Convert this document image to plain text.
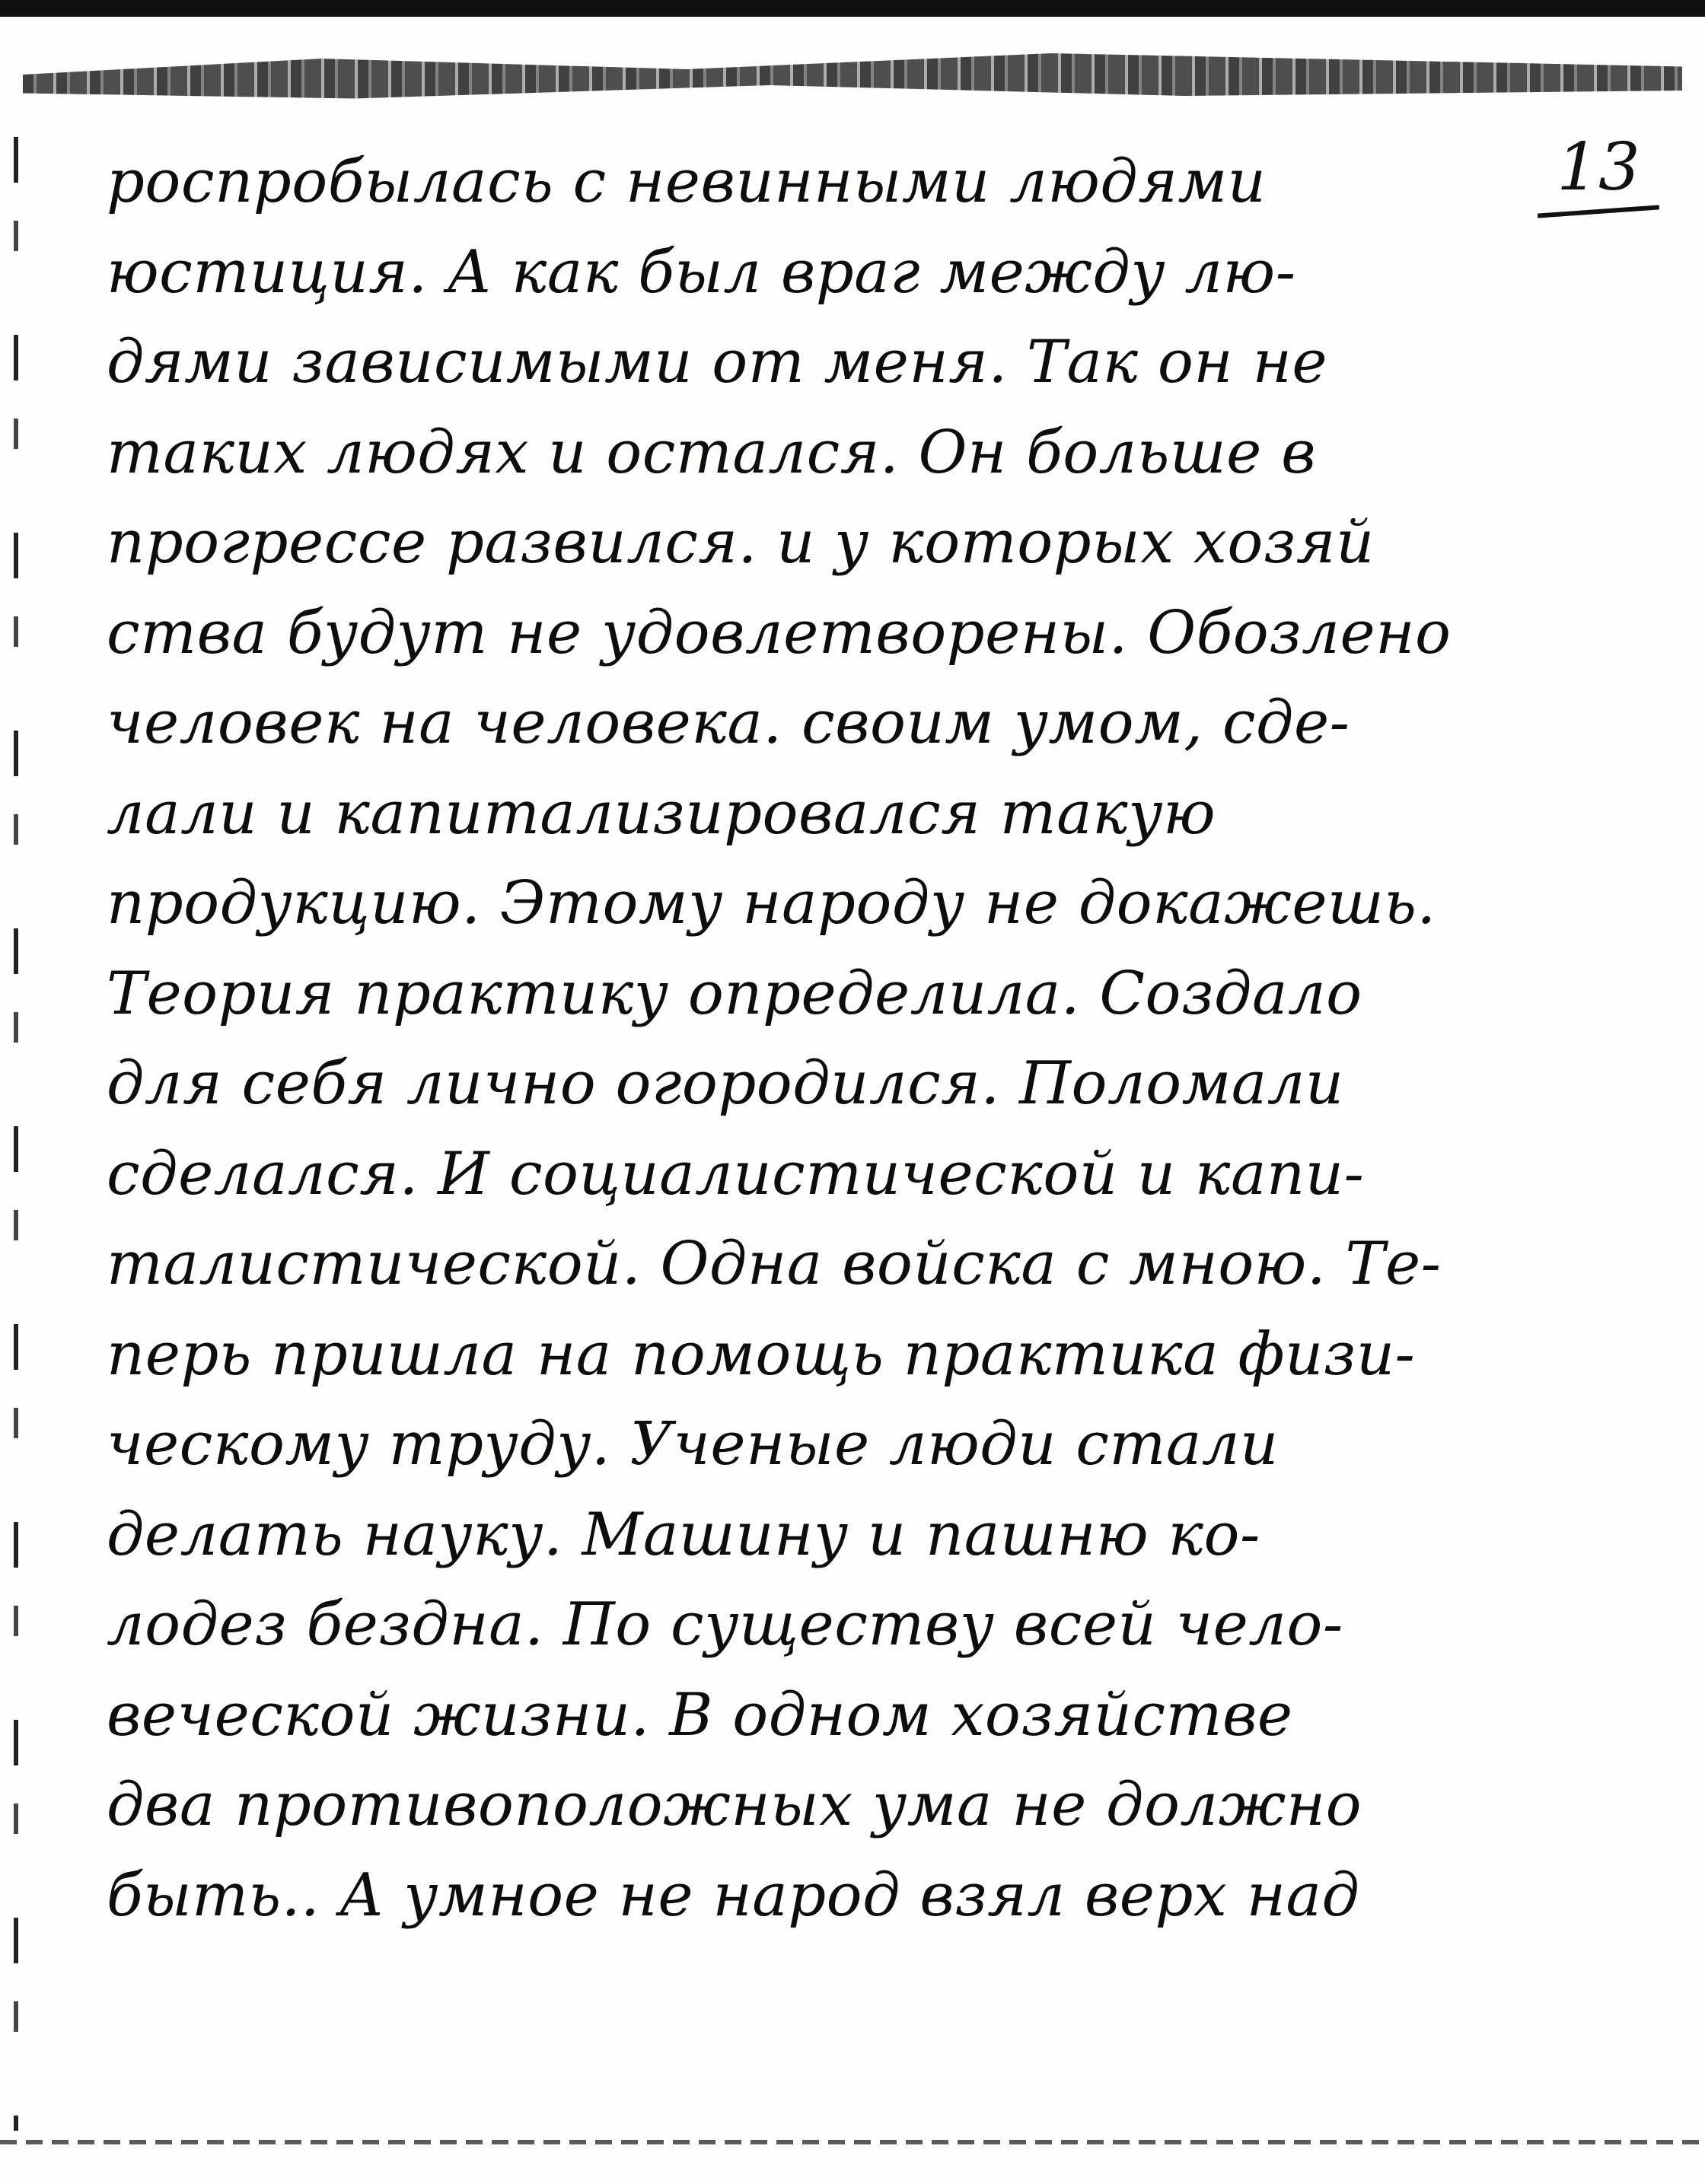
13
роспробылась с невинными людями
юстиция. А как был враг между лю-
дями зависимыми от меня. Так он не
таких людях и остался. Он больше в
прогрессе развился. и у которых хозяй
ства будут не удовлетворены. Обозлено
человек на человека. своим умом, сде-
лали и капитализировался такую
продукцию. Этому народу не докажешь.
Теория практику определила. Создало
для себя лично огородился. Поломали
сделался. И социалистической и капи-
талистической. Одна войска с мною. Те-
перь пришла на помощь практика физи-
ческому труду. Ученые люди стали
делать науку. Машину и пашню ко-
лодез бездна. По существу всей чело-
веческой жизни. В одном хозяйстве
два противоположных ума не должно
быть.. А умное не народ взял верх над
